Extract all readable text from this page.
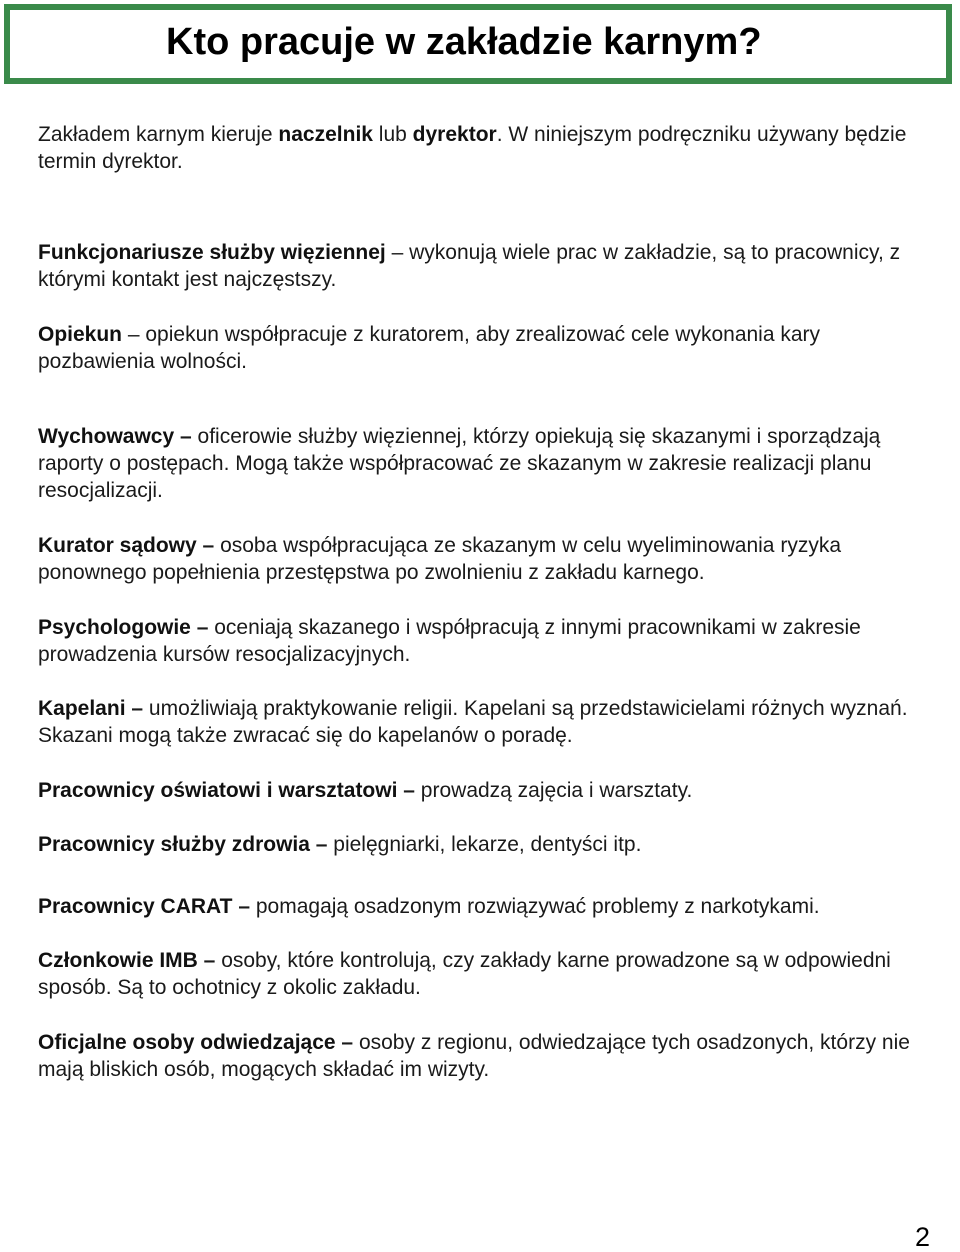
Kto pracuje w zakładzie karnym?

Zakładem karnym kieruje naczelnik lub dyrektor. W niniejszym podręczniku używany będzie termin dyrektor.

Funkcjonariusze służby więziennej – wykonują wiele prac w zakładzie, są to pracownicy, z którymi kontakt jest najczęstszy.

Opiekun – opiekun współpracuje z kuratorem, aby zrealizować cele wykonania kary pozbawienia wolności.

Wychowawcy – oficerowie służby więziennej, którzy opiekują się skazanymi i sporządzają raporty o postępach. Mogą także współpracować ze skazanym w zakresie realizacji planu resocjalizacji.

Kurator sądowy – osoba współpracująca ze skazanym w celu wyeliminowania ryzyka ponownego popełnienia przestępstwa po zwolnieniu z zakładu karnego.

Psychologowie – oceniają skazanego i współpracują z innymi pracownikami w zakresie prowadzenia kursów resocjalizacyjnych.

Kapelani – umożliwiają praktykowanie religii. Kapelani są przedstawicielami różnych wyznań. Skazani mogą także zwracać się do kapelanów o poradę.

Pracownicy oświatowi i warsztatowi – prowadzą zajęcia i warsztaty.

Pracownicy służby zdrowia – pielęgniarki, lekarze, dentyści itp.

Pracownicy CARAT – pomagają osadzonym rozwiązywać problemy z narkotykami.

Członkowie IMB – osoby, które kontrolują, czy zakłady karne prowadzone są w odpowiedni sposób. Są to ochotnicy z okolic zakładu.

Oficjalne osoby odwiedzające – osoby z regionu, odwiedzające tych osadzonych, którzy nie mają bliskich osób, mogących składać im wizyty.

2
